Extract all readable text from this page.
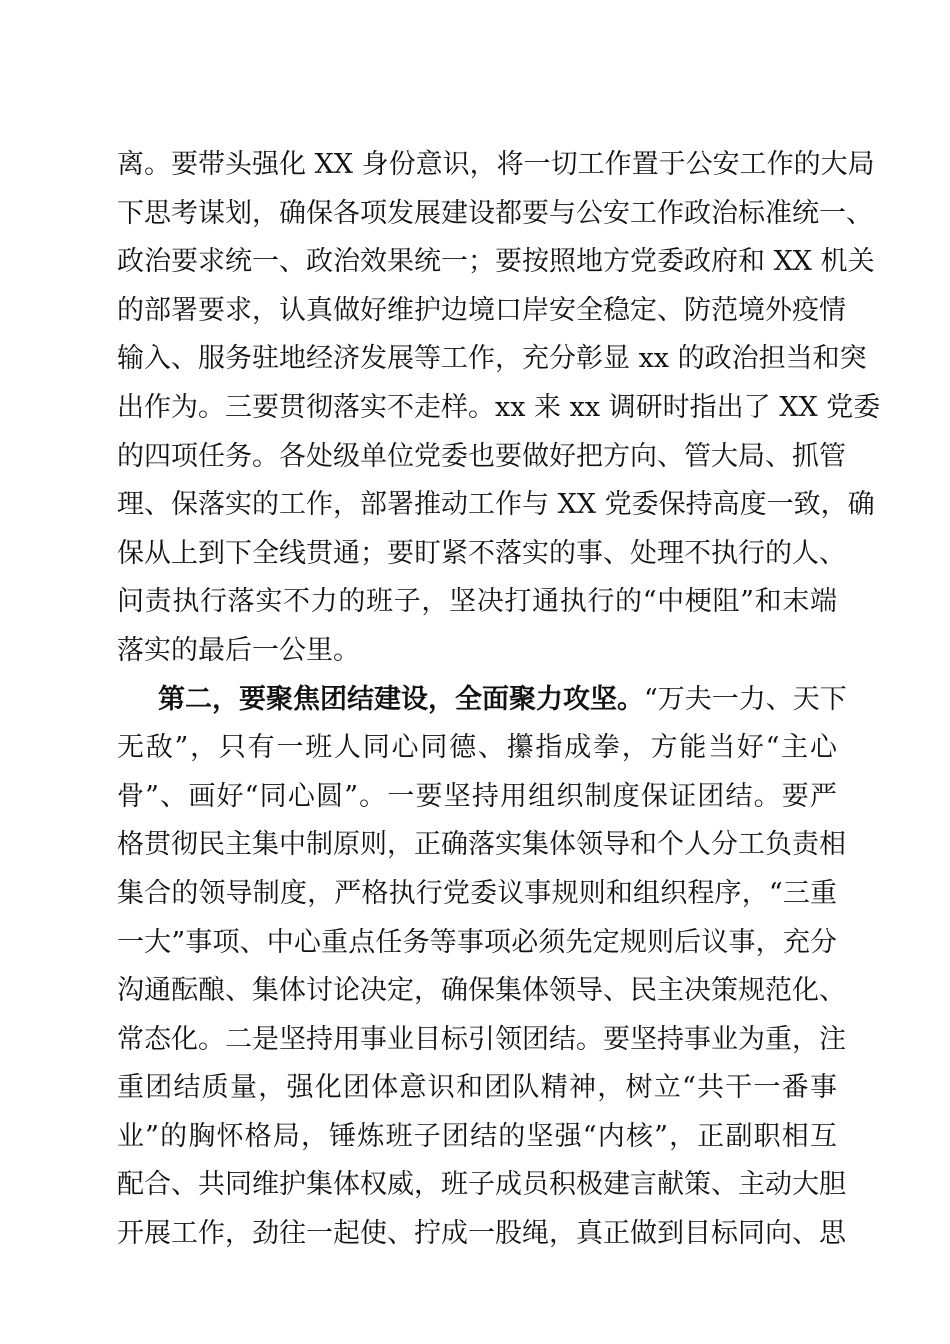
离。要带头强化 XX 身份意识，将一切工作置于公安工作的大局
下思考谋划，确保各项发展建设都要与公安工作政治标准统一、
政治要求统一、政治效果统一；要按照地方党委政府和 XX 机关
的部署要求，认真做好维护边境口岸安全稳定、防范境外疫情
输入、服务驻地经济发展等工作，充分彰显 xx 的政治担当和突
出作为。三要贯彻落实不走样。xx 来 xx 调研时指出了 XX 党委
的四项任务。各处级单位党委也要做好把方向、管大局、抓管
理、保落实的工作，部署推动工作与 XX 党委保持高度一致，确
保从上到下全线贯通；要盯紧不落实的事、处理不执行的人、
问责执行落实不力的班子，坚决打通执行的“中梗阻”和末端
落实的最后一公里。
第二，要聚焦团结建设，全面聚力攻坚。“万夫一力、天下
无敌”，只有一班人同心同德、攥指成拳，方能当好“主心
骨”、画好“同心圆”。一要坚持用组织制度保证团结。要严
格贯彻民主集中制原则，正确落实集体领导和个人分工负责相
集合的领导制度，严格执行党委议事规则和组织程序，“三重
一大”事项、中心重点任务等事项必须先定规则后议事，充分
沟通酝酿、集体讨论决定，确保集体领导、民主决策规范化、
常态化。二是坚持用事业目标引领团结。要坚持事业为重，注
重团结质量，强化团体意识和团队精神，树立“共干一番事
业”的胸怀格局，锤炼班子团结的坚强“内核”，正副职相互
配合、共同维护集体权威，班子成员积极建言献策、主动大胆
开展工作，劲往一起使、拧成一股绳，真正做到目标同向、思
